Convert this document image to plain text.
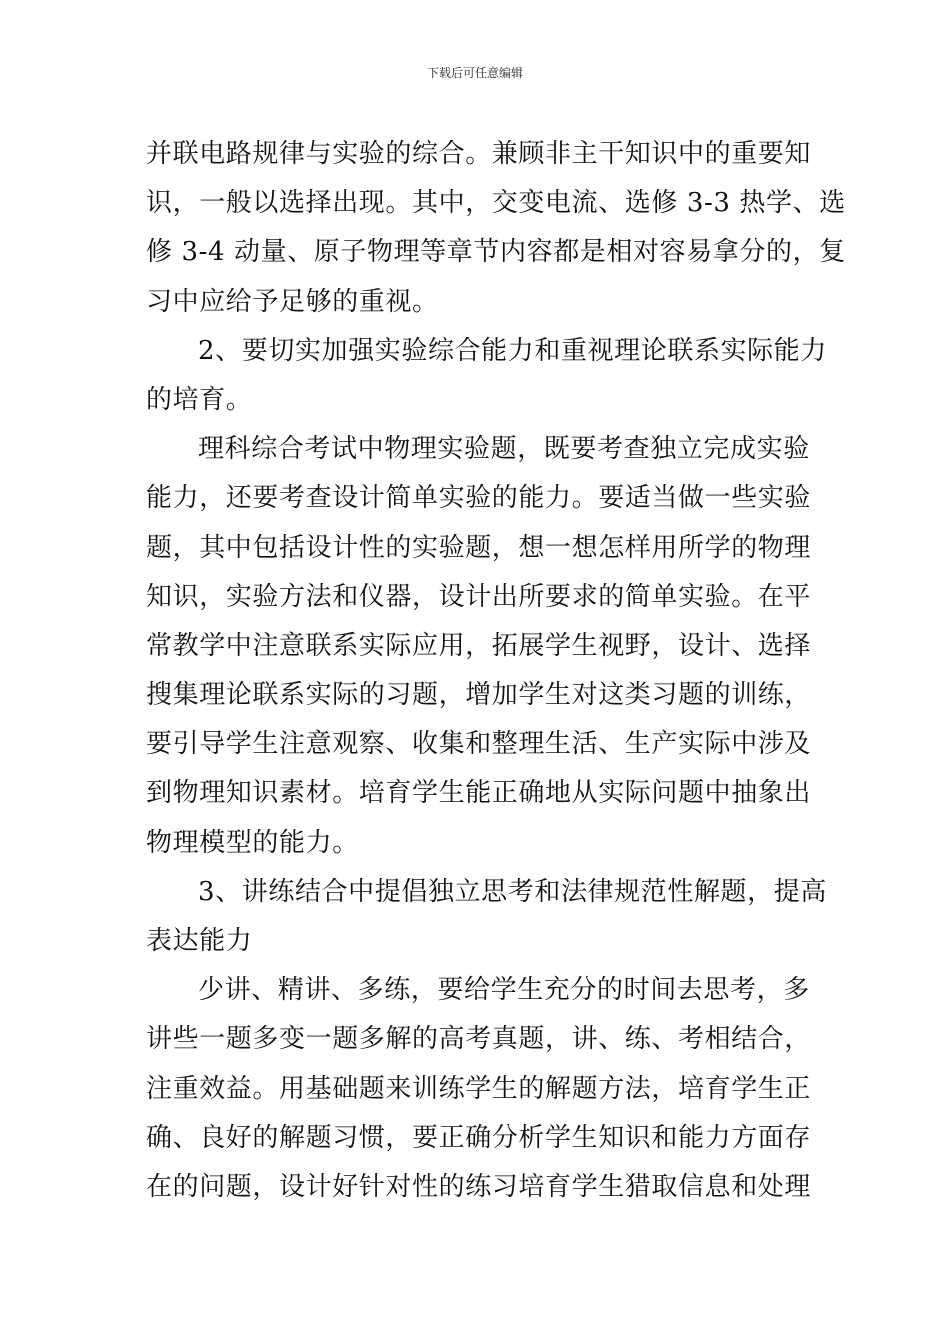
下载后可任意编辑
并联电路规律与实验的综合。兼顾非主干知识中的重要知
识，一般以选择出现。其中，交变电流、选修 3-3 热学、选
修 3-4 动量、原子物理等章节内容都是相对容易拿分的，复
习中应给予足够的重视。
2、要切实加强实验综合能力和重视理论联系实际能力
的培育。
理科综合考试中物理实验题，既要考查独立完成实验
能力，还要考查设计简单实验的能力。要适当做一些实验
题，其中包括设计性的实验题，想一想怎样用所学的物理
知识，实验方法和仪器，设计出所要求的简单实验。在平
常教学中注意联系实际应用，拓展学生视野，设计、选择
搜集理论联系实际的习题，增加学生对这类习题的训练，
要引导学生注意观察、收集和整理生活、生产实际中涉及
到物理知识素材。培育学生能正确地从实际问题中抽象出
物理模型的能力。
3、讲练结合中提倡独立思考和法律规范性解题，提高
表达能力
少讲、精讲、多练，要给学生充分的时间去思考，多
讲些一题多变一题多解的高考真题，讲、练、考相结合，
注重效益。用基础题来训练学生的解题方法，培育学生正
确、良好的解题习惯，要正确分析学生知识和能力方面存
在的问题，设计好针对性的练习培育学生猎取信息和处理
